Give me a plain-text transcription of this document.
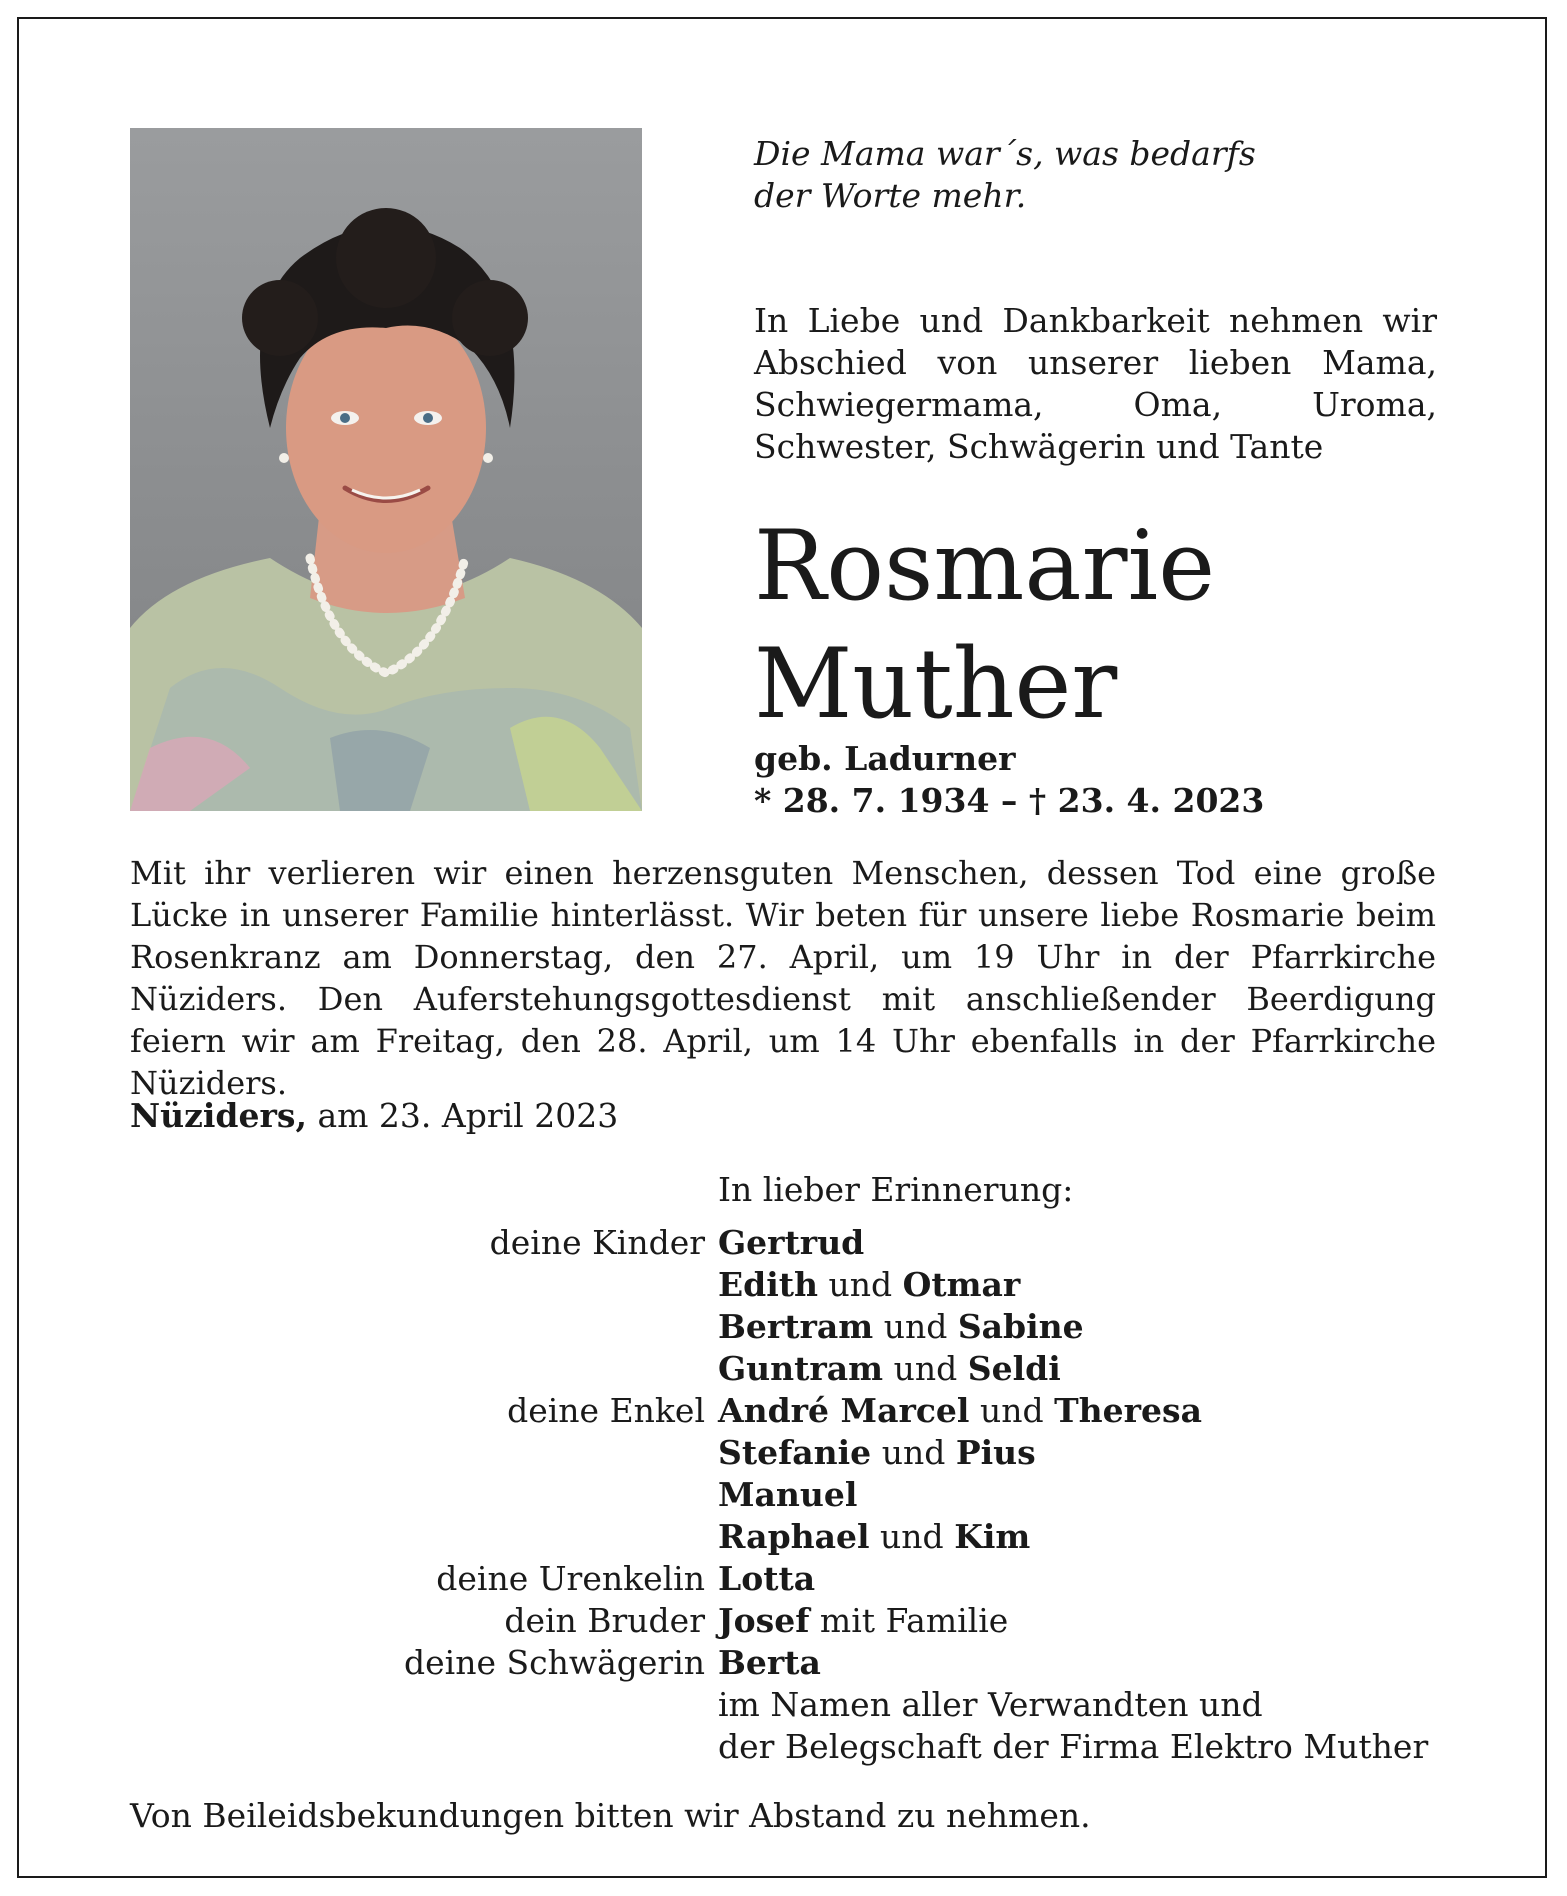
Die Mama war´s, was bedarfs
der Worte mehr.
In Liebe und Dankbarkeit nehmen wir Abschied von unserer lieben Mama, Schwiegermama, Oma, Uroma, Schwester, Schwägerin und Tante
Rosmarie
Muther
geb. Ladurner
* 28. 7. 1934 – † 23. 4. 2023
Mit ihr verlieren wir einen herzensguten Menschen, dessen Tod eine große Lücke in unserer Familie hinterlässt. Wir beten für unsere liebe Rosmarie beim Rosenkranz am Donnerstag, den 27. April, um 19 Uhr in der Pfarrkirche Nüziders. Den Auferstehungsgottesdienst mit anschließender Beerdigung feiern wir am Freitag, den 28. April, um 14 Uhr ebenfalls in der Pfarrkirche Nüziders.
Nüziders, am 23. April 2023
In lieber Erinnerung:
deine Kinder Gertrud
Edith und Otmar
Bertram und Sabine
Guntram und Seldi
deine Enkel André Marcel und Theresa
Stefanie und Pius
Manuel
Raphael und Kim
deine Urenkelin Lotta
dein Bruder Josef mit Familie
deine Schwägerin Berta
im Namen aller Verwandten und
der Belegschaft der Firma Elektro Muther
Von Beileidsbekundungen bitten wir Abstand zu nehmen.
